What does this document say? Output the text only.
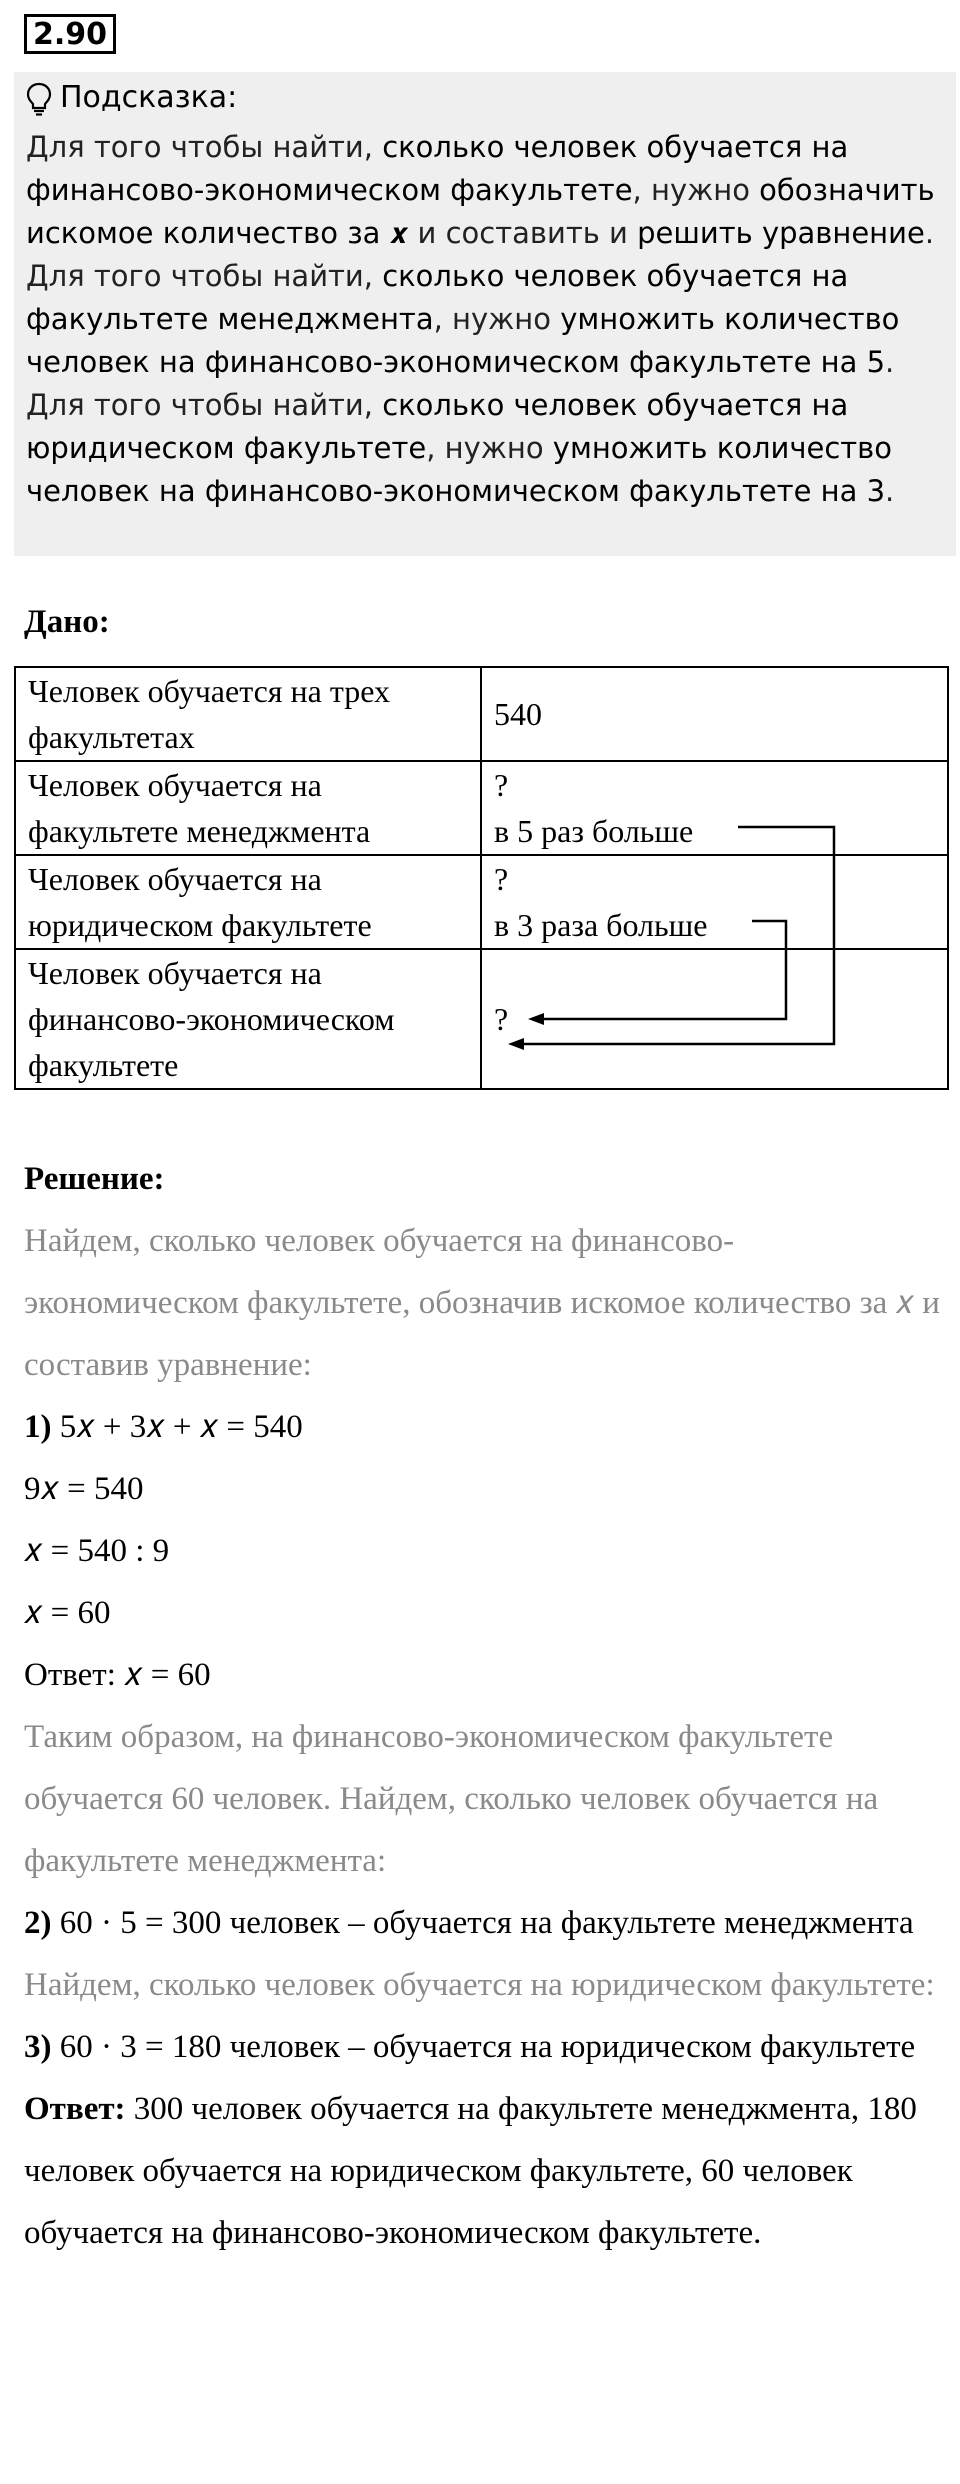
2.90
Подсказка:

Для того чтобы найти, сколько человек обучается на финансово-экономическом факультете, нужно обозначить искомое количество за 𝒙 и составить и решить уравнение.

Для того чтобы найти, сколько человек обучается на факультете менеджмента, нужно умножить количество человек на финансово-экономическом факультете на 5.

Для того чтобы найти, сколько человек обучается на юридическом факультете, нужно умножить количество человек на финансово-экономическом факультете на 3.

Дано:
Человек обучается на трех факультетах	540

Человек обучается на факультете менеджмента	?
в 5 раз больше

Человек обучается на юридическом факультете	?
в 3 раза больше

Человек обучается на финансово-экономическом факультете	?

Решение:

Найдем, сколько человек обучается на финансово-экономическом факультете, обозначив искомое количество за 𝑥 и составив уравнение:

1) 5𝑥 + 3𝑥 + 𝑥 = 540

9𝑥 = 540

𝑥 = 540 : 9

𝑥 = 60

Ответ: 𝑥 = 60

Таким образом, на финансово-экономическом факультете обучается 60 человек. Найдем, сколько человек обучается на факультете менеджмента:

2) 60 · 5 = 300 человек – обучается на факультете менеджмента

Найдем, сколько человек обучается на юридическом факультете:

3) 60 · 3 = 180 человек – обучается на юридическом факультете

Ответ: 300 человек обучается на факультете менеджмента, 180 человек обучается на юридическом факультете, 60 человек обучается на финансово-экономическом факультете.
